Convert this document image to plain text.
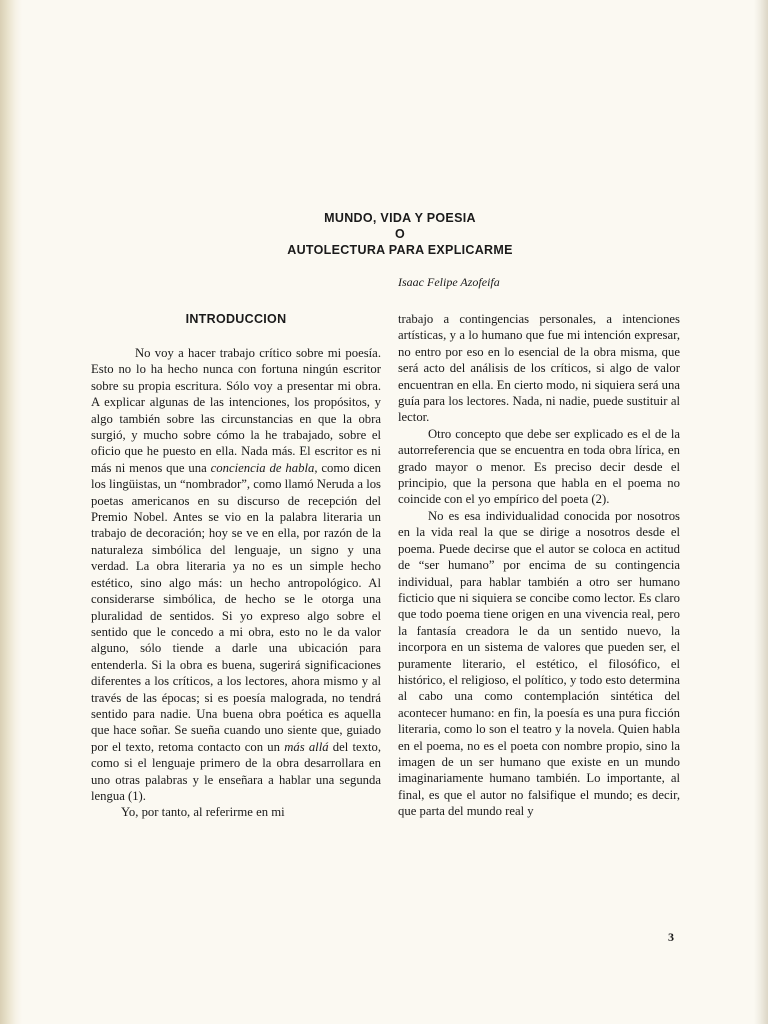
MUNDO, VIDA Y POESIA
O
AUTOLECTURA PARA EXPLICARME
Isaac Felipe Azofeifa
INTRODUCCION

No voy a hacer trabajo crítico sobre mi poesía. Esto no lo ha hecho nunca con fortuna ningún escritor sobre su propia escritura. Sólo voy a presentar mi obra. A explicar algunas de las intenciones, los propósitos, y algo también sobre las circunstancias en que la obra surgió, y mucho sobre cómo la he trabajado, sobre el oficio que he puesto en ella. Nada más. El escritor es ni más ni menos que una conciencia de habla, como dicen los lingüistas, un “nombrador”, como llamó Neruda a los poetas americanos en su discurso de recepción del Premio Nobel. Antes se vio en la palabra literaria un trabajo de decoración; hoy se ve en ella, por razón de la naturaleza simbólica del lenguaje, un signo y una verdad. La obra literaria ya no es un simple hecho estético, sino algo más: un hecho antropológico. Al considerarse simbólica, de hecho se le otorga una pluralidad de sentidos. Si yo expreso algo sobre el sentido que le concedo a mi obra, esto no le da valor alguno, sólo tiende a darle una ubicación para entenderla. Si la obra es buena, sugerirá significaciones diferentes a los críticos, a los lectores, ahora mismo y al través de las épocas; si es poesía malograda, no tendrá sentido para nadie. Una buena obra poética es aquella que hace soñar. Se sueña cuando uno siente que, guiado por el texto, retoma contacto con un más allá del texto, como si el lenguaje primero de la obra desarrollara en uno otras palabras y le enseñara a hablar una segunda lengua (1).

Yo, por tanto, al referirme en mi

trabajo a contingencias personales, a intenciones artísticas, y a lo humano que fue mi intención expresar, no entro por eso en lo esencial de la obra misma, que será acto del análisis de los críticos, si algo de valor encuentran en ella. En cierto modo, ni siquiera será una guía para los lectores. Nada, ni nadie, puede sustituir al lector.

Otro concepto que debe ser explicado es el de la autorreferencia que se encuentra en toda obra lírica, en grado mayor o menor. Es preciso decir desde el principio, que la persona que habla en el poema no coincide con el yo empírico del poeta (2).

No es esa individualidad conocida por nosotros en la vida real la que se dirige a nosotros desde el poema. Puede decirse que el autor se coloca en actitud de “ser humano” por encima de su contingencia individual, para hablar también a otro ser humano ficticio que ni siquiera se concibe como lector. Es claro que todo poema tiene origen en una vivencia real, pero la fantasía creadora le da un sentido nuevo, la incorpora en un sistema de valores que pueden ser, el puramente literario, el estético, el filosófico, el histórico, el religioso, el político, y todo esto determina al cabo una como contemplación sintética del acontecer humano: en fin, la poesía es una pura ficción literaria, como lo son el teatro y la novela. Quien habla en el poema, no es el poeta con nombre propio, sino la imagen de un ser humano que existe en un mundo imaginariamente humano también. Lo importante, al final, es que el autor no falsifique el mundo; es decir, que parta del mundo real y

3
